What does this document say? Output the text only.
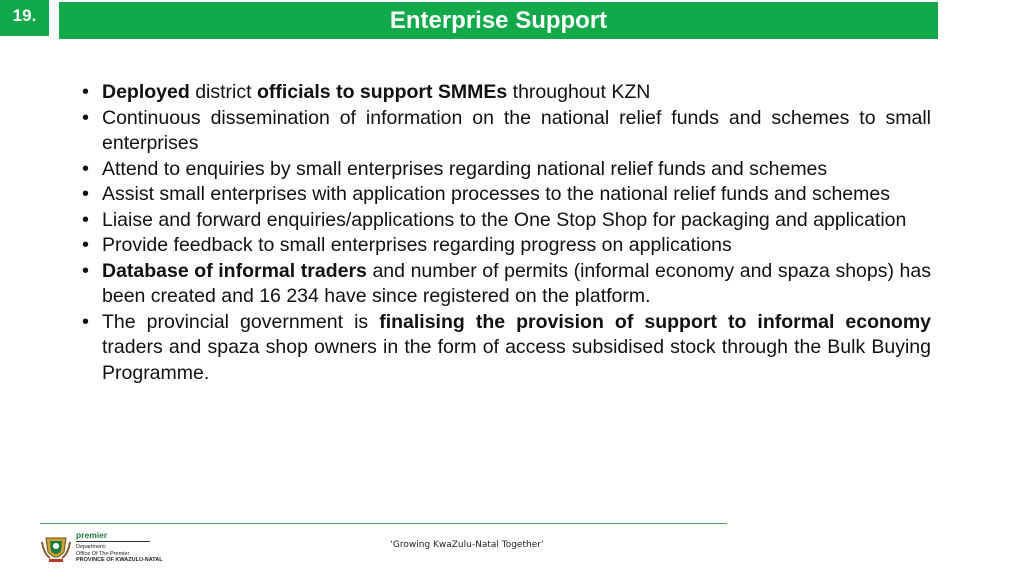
19.	Enterprise Support
• Deployed district officials to support SMMEs throughout KZN
• Continuous dissemination of information on the national relief funds and schemes to small enterprises
• Attend to enquiries by small enterprises regarding national relief funds and schemes
• Assist small enterprises with application processes to the national relief funds and schemes
• Liaise and forward enquiries/applications to the One Stop Shop for packaging and application
• Provide feedback to small enterprises regarding progress on applications
• Database of informal traders and number of permits (informal economy and spaza shops) has been created and 16 234 have since registered on the platform.
• The provincial government is finalising the provision of support to informal economy traders and spaza shop owners in the form of access subsidised stock through the Bulk Buying Programme.
premier
Department:
Office Of The Premier
PROVINCE OF KWAZULU-NATAL
‘Growing KwaZulu-Natal Together’
